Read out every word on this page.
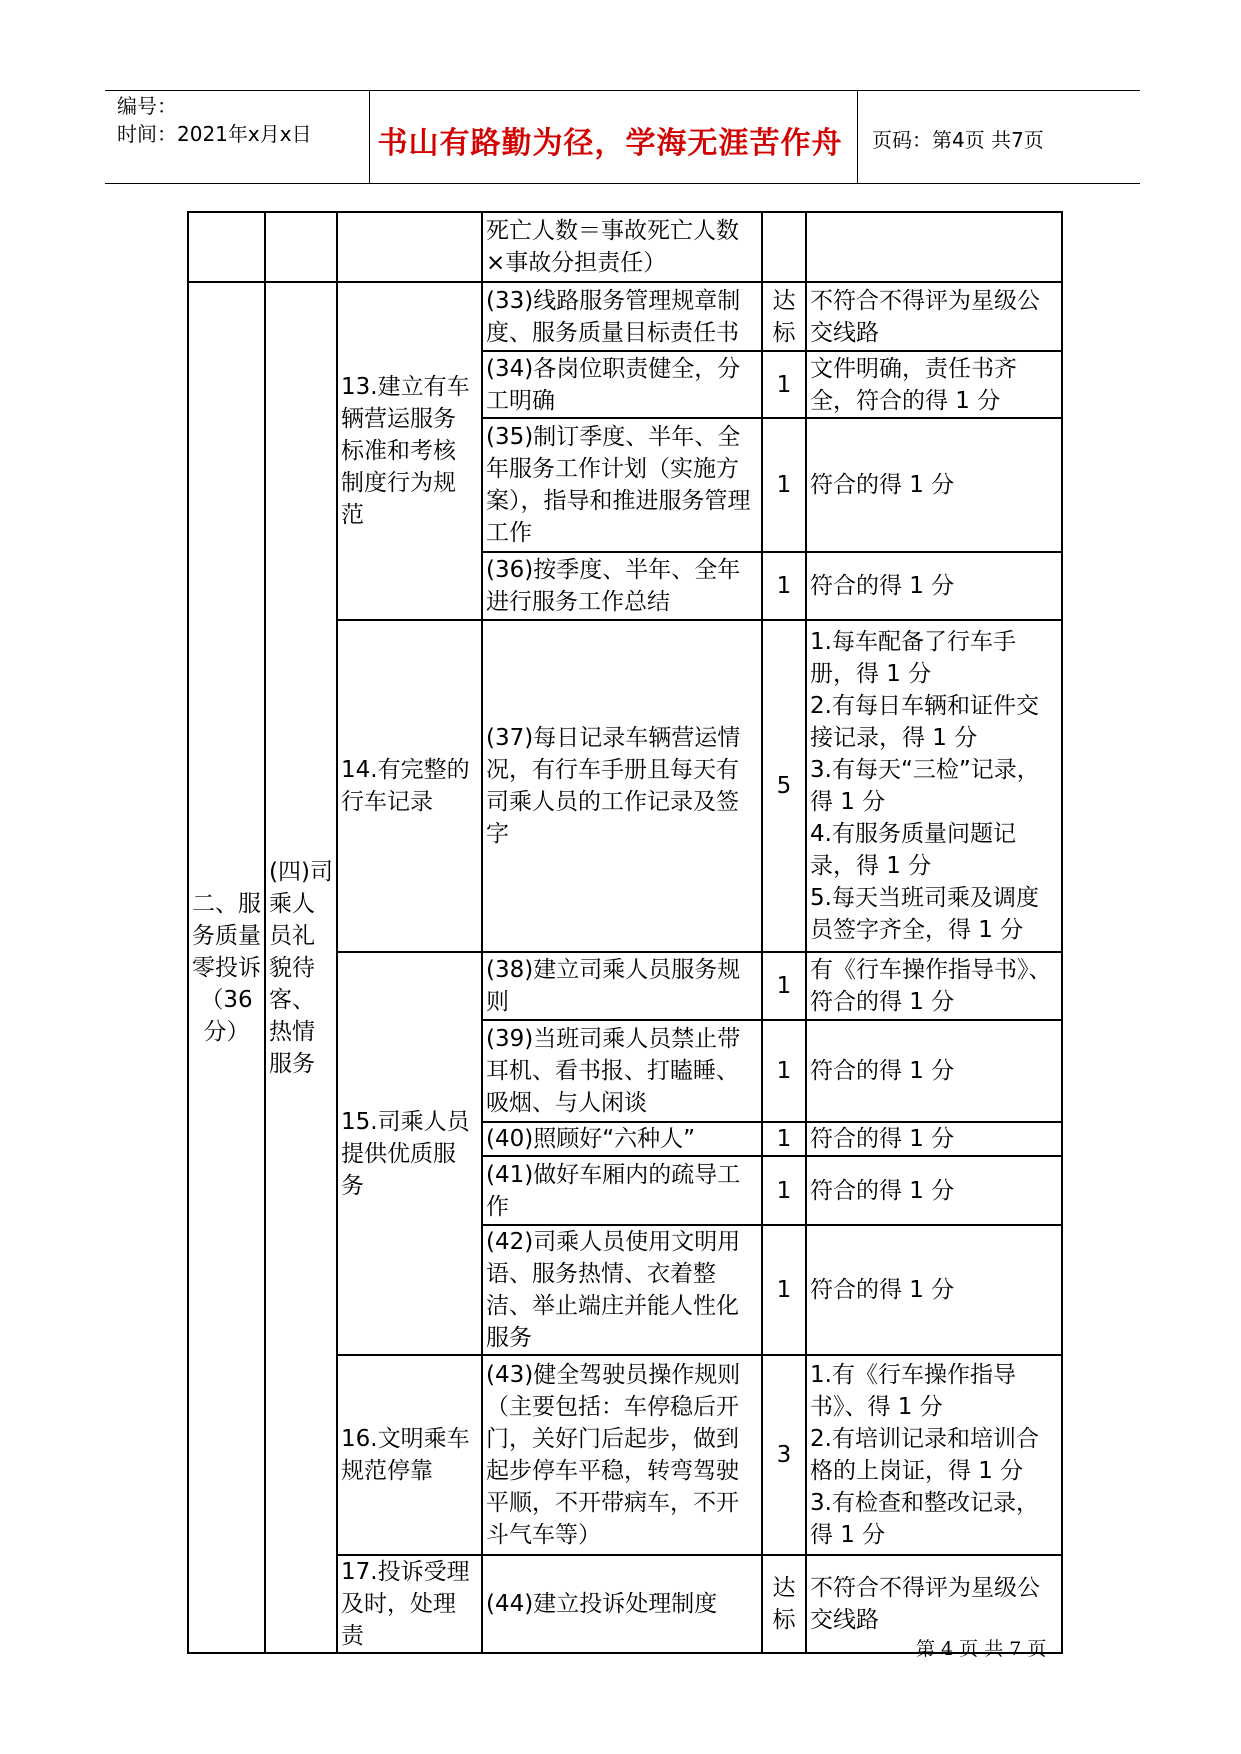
编号：
时间：2021年x月x日 书山有路勤为径，学海无涯苦作舟	页码：第4页 共7页
			死亡人数＝事故死亡人数×事故分担责任）		
二、服务质量零投诉（36分）	(四)司乘人员礼貌待客、热情服务	13.建立有车辆营运服务标准和考核制度行为规范	(33)线路服务管理规章制度、服务质量目标责任书	达标	不符合不得评为星级公交线路
			(34)各岗位职责健全，分工明确	1	文件明确，责任书齐全，符合的得 1 分
			(35)制订季度、半年、全年服务工作计划（实施方案），指导和推进服务管理工作	1	符合的得 1 分
			(36)按季度、半年、全年进行服务工作总结	1	符合的得 1 分
		14.有完整的行车记录	(37)每日记录车辆营运情况，有行车手册且每天有司乘人员的工作记录及签字	5	1.每车配备了行车手册，得 1 分
2.有每日车辆和证件交接记录，得 1 分
3.有每天“三检”记录，得 1 分
4.有服务质量问题记录，得 1 分
5.每天当班司乘及调度员签字齐全，得 1 分

		15.司乘人员提供优质服务	(38)建立司乘人员服务规则	1	有《行车操作指导书》、符合的得 1 分
			(39)当班司乘人员禁止带耳机、看书报、打瞌睡、吸烟、与人闲谈	1	符合的得 1 分
			(40)照顾好“六种人”	1	符合的得 1 分
			(41)做好车厢内的疏导工作	1	符合的得 1 分
			(42)司乘人员使用文明用语、服务热情、衣着整洁、举止端庄并能人性化服务	1	符合的得 1 分
		16.文明乘车规范停靠	(43)健全驾驶员操作规则（主要包括：车停稳后开门，关好门后起步，做到起步停车平稳，转弯驾驶平顺，不开带病车，不开斗气车等）	3	1.有《行车操作指导书》、得 1 分
2.有培训记录和培训合格的上岗证，得 1 分
3.有检查和整改记录，得 1 分

		17.投诉受理及时，处理责	(44)建立投诉处理制度	达标	不符合不得评为星级公交线路
第 4 页 共 7 页
